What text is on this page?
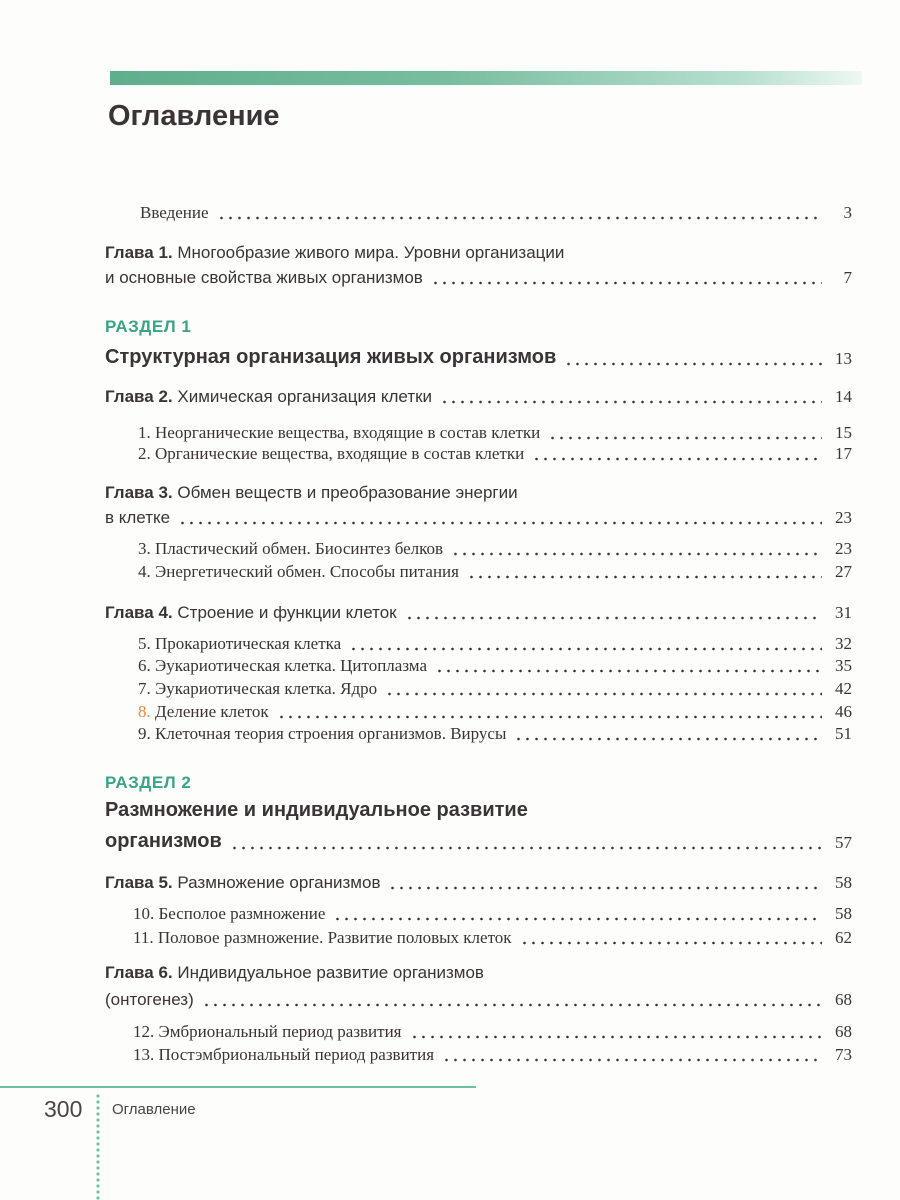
Оглавление
Введение	3
Глава 1. Многообразие живого мира. Уровни организации
и основные свойства живых организмов	7
РАЗДЕЛ 1
Структурная организация живых организмов	13
Глава 2. Химическая организация клетки	14
1. Неорганические вещества, входящие в состав клетки	15
2. Органические вещества, входящие в состав клетки	17
Глава 3. Обмен веществ и преобразование энергии
в клетке	23
3. Пластический обмен. Биосинтез белков	23
4. Энергетический обмен. Способы питания	27
Глава 4. Строение и функции клеток	31
5. Прокариотическая клетка	32
6. Эукариотическая клетка. Цитоплазма	35
7. Эукариотическая клетка. Ядро	42
8. Деление клеток	46
9. Клеточная теория строения организмов. Вирусы	51
РАЗДЕЛ 2
Размножение и индивидуальное развитие
организмов	57
Глава 5. Размножение организмов	58
10. Бесполое размножение	58
11. Половое размножение. Развитие половых клеток	62
Глава 6. Индивидуальное развитие организмов
(онтогенез)	68
12. Эмбриональный период развития	68
13. Постэмбриональный период развития	73
300 Оглавление
